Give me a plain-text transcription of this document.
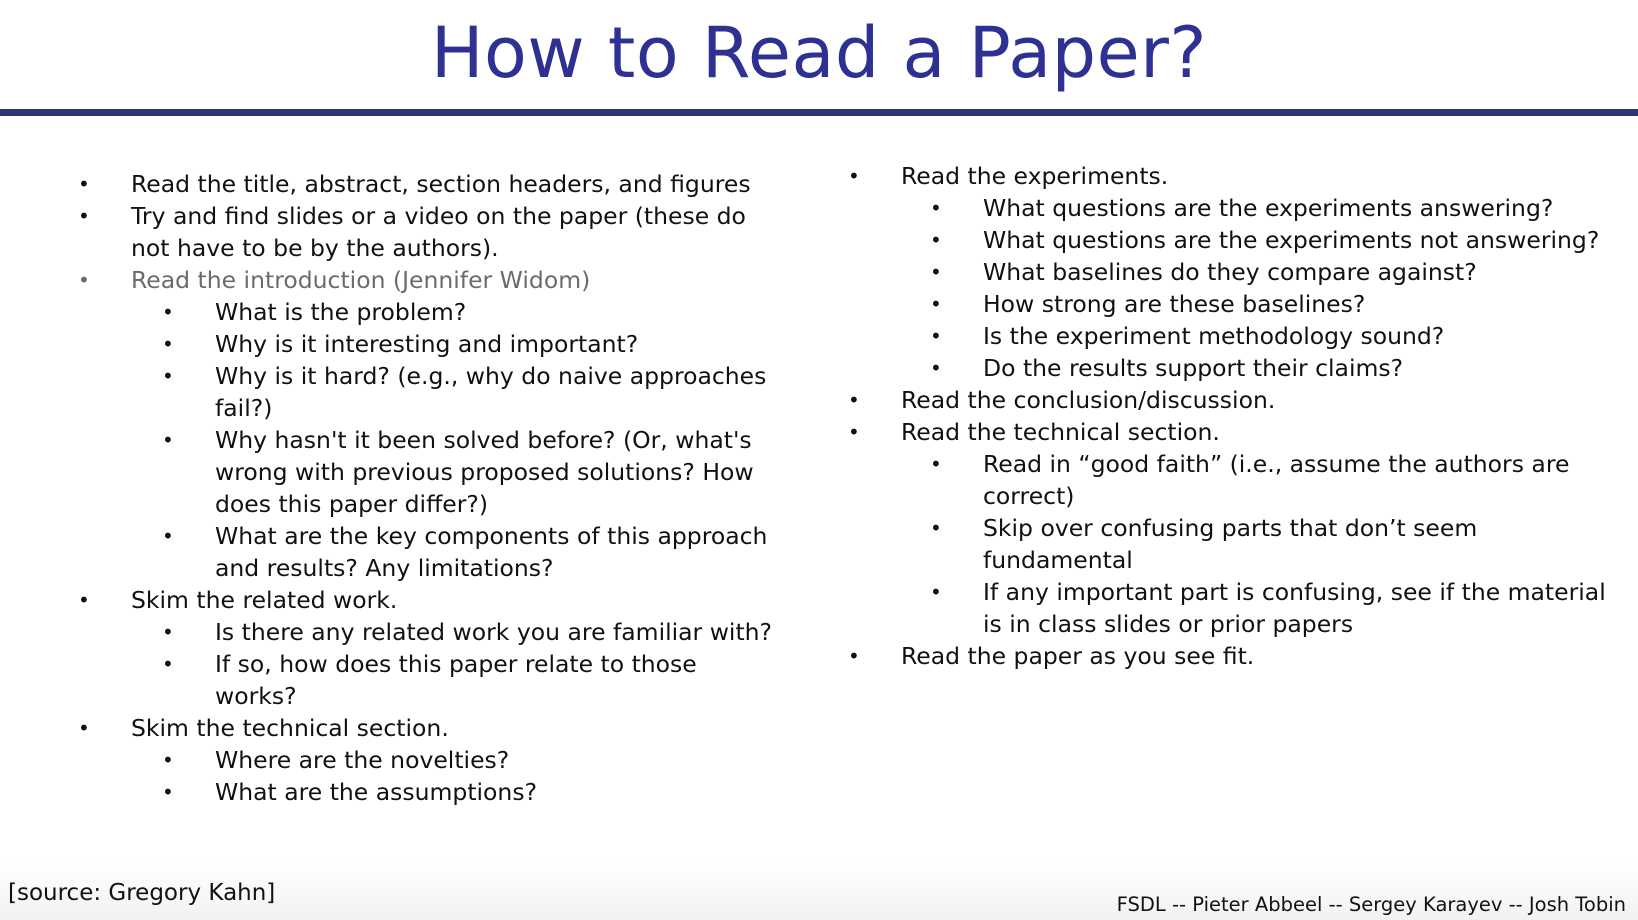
How to Read a Paper?
• Read the title, abstract, section headers, and figures
• Try and find slides or a video on the paper (these do not have to be by the authors).
• Read the introduction (Jennifer Widom)
• What is the problem?
• Why is it interesting and important?
• Why is it hard? (e.g., why do naive approaches fail?)
• Why hasn't it been solved before? (Or, what's wrong with previous proposed solutions? How does this paper differ?)
• What are the key components of this approach and results? Any limitations?
• Skim the related work.
• Is there any related work you are familiar with?
• If so, how does this paper relate to those works?
• Skim the technical section.
• Where are the novelties?
• What are the assumptions?
• Read the experiments.
• What questions are the experiments answering?
• What questions are the experiments not answering?
• What baselines do they compare against?
• How strong are these baselines?
• Is the experiment methodology sound?
• Do the results support their claims?
• Read the conclusion/discussion.
• Read the technical section.
• Read in “good faith” (i.e., assume the authors are correct)
• Skip over confusing parts that don’t seem fundamental
• If any important part is confusing, see if the material is in class slides or prior papers
• Read the paper as you see fit.
[source: Gregory Kahn]	FSDL -- Pieter Abbeel -- Sergey Karayev -- Josh Tobin
